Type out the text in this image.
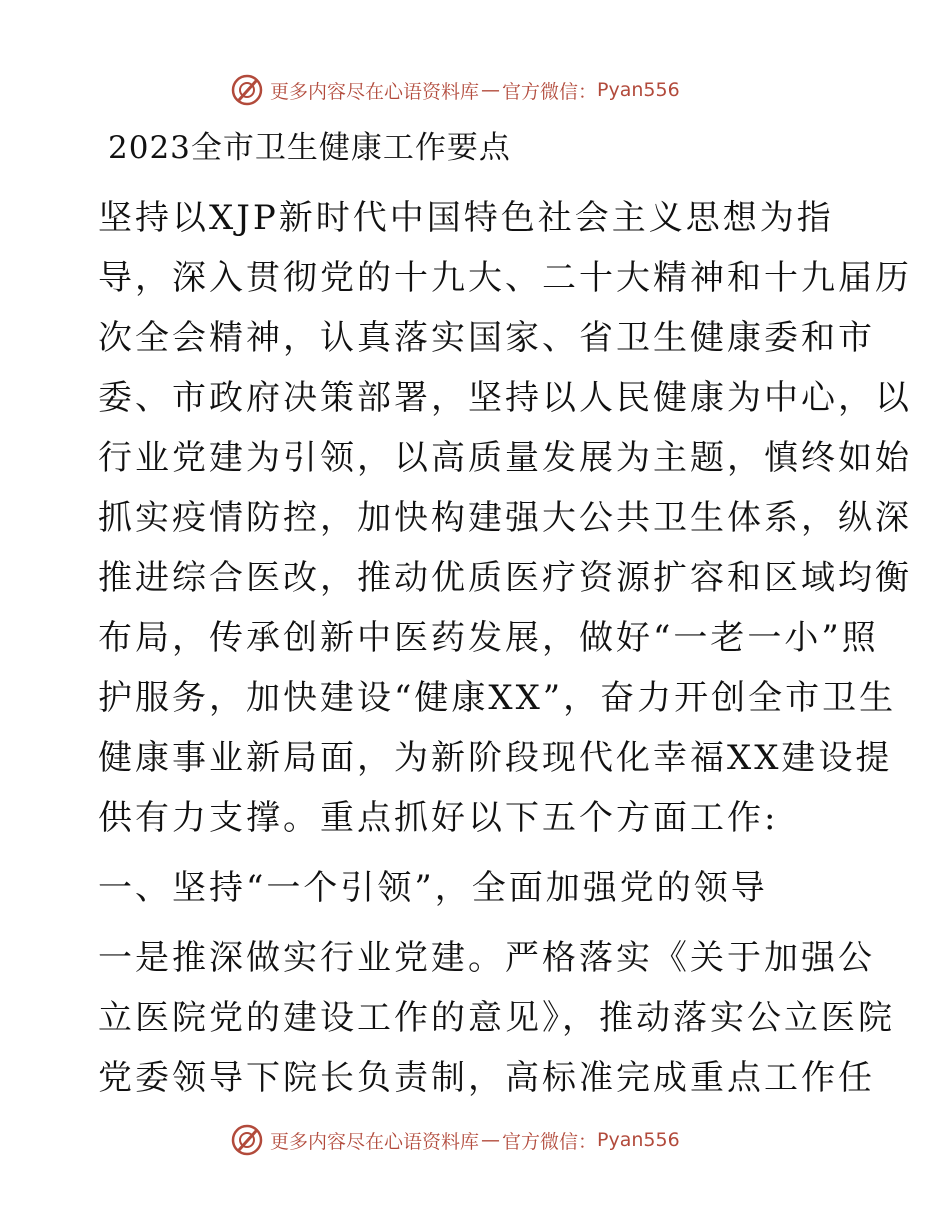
更多内容尽在心语资料库 — 官方微信： Pyan556
2023全市卫生健康工作要点
坚持以XJP新时代中国特色社会主义思想为指
导，深入贯彻党的十九大、二十大精神和十九届历
次全会精神，认真落实国家、省卫生健康委和市
委、市政府决策部署，坚持以人民健康为中心，以
行业党建为引领，以高质量发展为主题，慎终如始
抓实疫情防控，加快构建强大公共卫生体系，纵深
推进综合医改，推动优质医疗资源扩容和区域均衡
布局，传承创新中医药发展，做好“一老一小”照
护服务，加快建设“健康XX”，奋力开创全市卫生
健康事业新局面，为新阶段现代化幸福XX建设提
供有力支撑。重点抓好以下五个方面工作:
一、坚持“一个引领”，全面加强党的领导
一是推深做实行业党建。严格落实《关于加强公
立医院党的建设工作的意见》，推动落实公立医院
党委领导下院长负责制，高标准完成重点工作任
更多内容尽在心语资料库 — 官方微信： Pyan556
